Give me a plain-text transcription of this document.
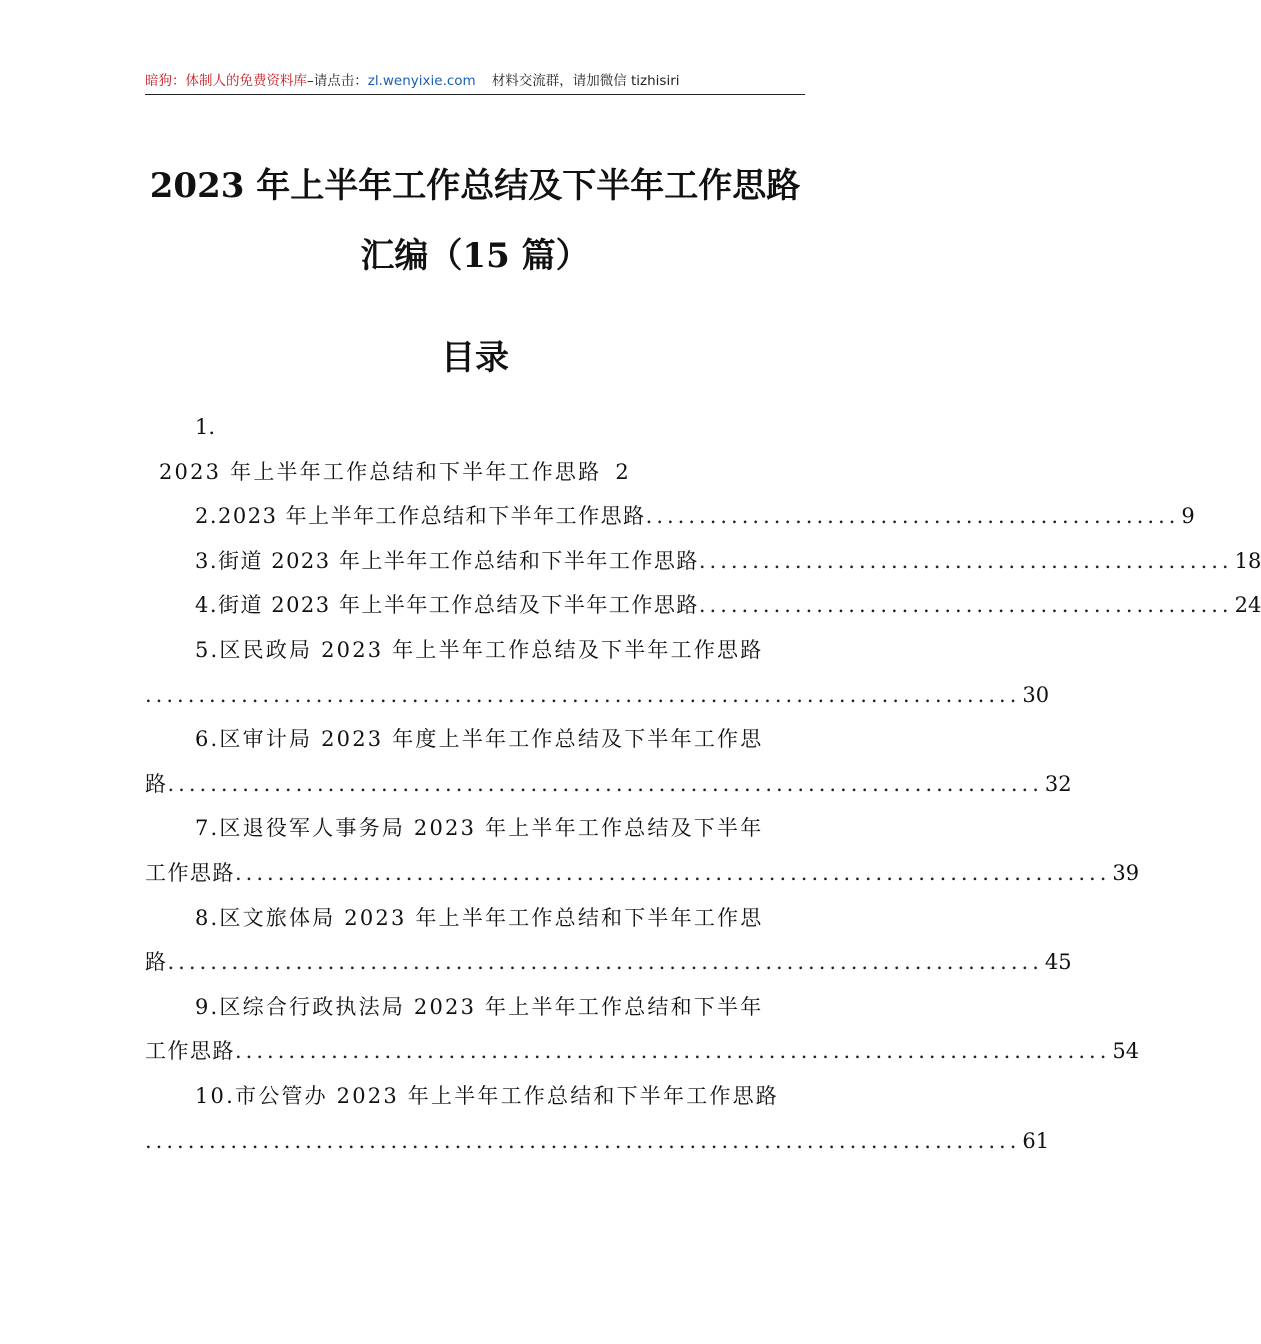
暗狗：体制人的免费资料库–请点击：zl.wenyixie.com 材料交流群，请加微信 tizhisiri
2023 年上半年工作总结及下半年工作思路
汇编（15 篇）
目录
1.
2023 年上半年工作总结和下半年工作思路 2
2.2023 年上半年工作总结和下半年工作思路 .................................................. 9
3.街道 2023 年上半年工作总结和下半年工作思路 .................................................. 18
4.街道 2023 年上半年工作总结及下半年工作思路 .................................................. 24
5.区民政局 2023 年上半年工作总结及下半年工作思路
.................................................................................. 30
6.区审计局 2023 年度上半年工作总结及下半年工作思
路 .................................................................................. 32
7.区退役军人事务局 2023 年上半年工作总结及下半年
工作思路 .................................................................................. 39
8.区文旅体局 2023 年上半年工作总结和下半年工作思
路 .................................................................................. 45
9.区综合行政执法局 2023 年上半年工作总结和下半年
工作思路 .................................................................................. 54
10.市公管办 2023 年上半年工作总结和下半年工作思路
.................................................................................. 61
